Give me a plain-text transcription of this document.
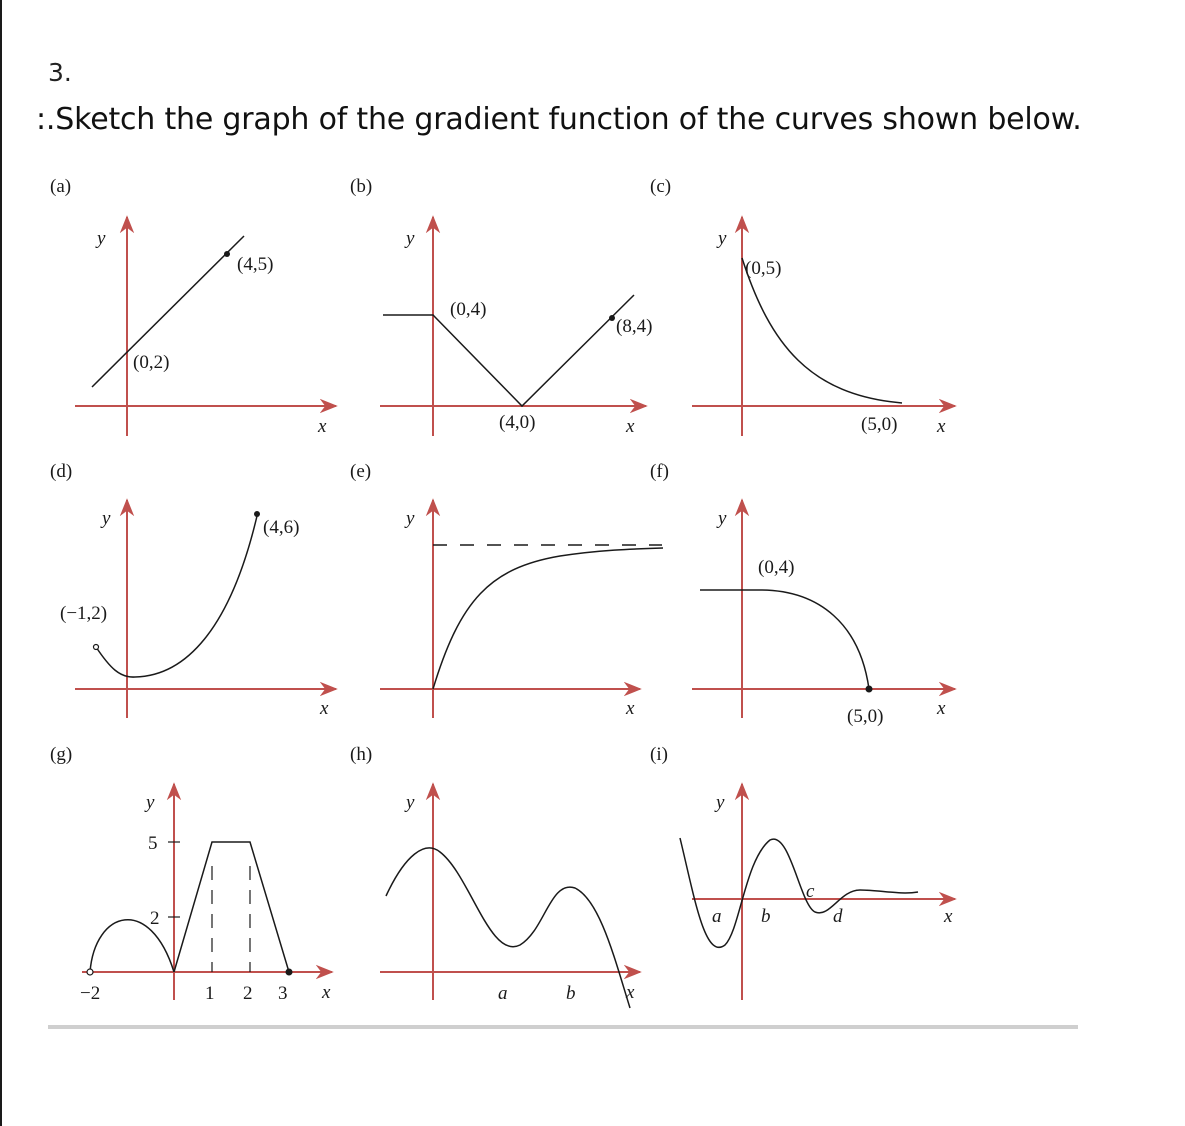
3.
:.Sketch the graph of the gradient function of the curves shown below.
(a)
(4,5)
(0,2)
y
x
(b)
(0,4)
(8,4)
(4,0)
y
x
(c)
(0,5)
(5,0)
y
x
(d)
(4,6)
(−1,2)
y
x
(e)
y
x
(f)
(0,4)
(5,0)
y
x
(g)
5
2
−2	1 2 3
y
x
(h)
a	b
y
x
(i)
a b
c
d
y
x
